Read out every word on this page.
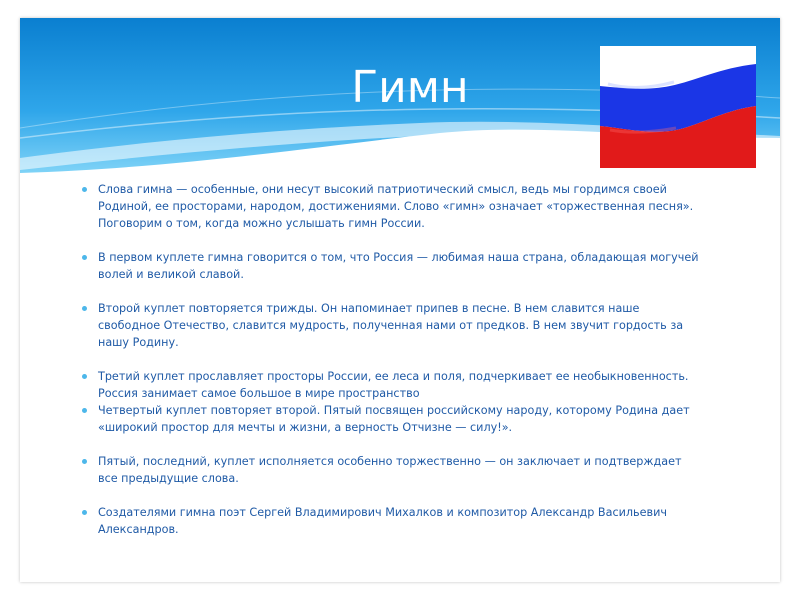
Гимн
Слова гимна — особенные, они несут высокий патриотический смысл, ведь мы гордимся своей Родиной, ее просторами, народом, достижениями. Слово «гимн» означает «торжественная песня». Поговорим о том, когда можно услышать гимн России.
В первом куплете гимна говорится о том, что Россия — любимая наша страна, обладающая могучей волей и великой славой.
Второй куплет повторяется трижды. Он напоминает припев в песне. В нем славится наше свободное Отечество, славится мудрость, полученная нами от предков. В нем звучит гордость за нашу Родину.
Третий куплет прославляет просторы России, ее леса и поля, подчеркивает ее необыкновенность. Россия занимает самое большое в мире пространство
Четвертый куплет повторяет второй. Пятый посвящен российскому народу, которому Родина дает «широкий простор для мечты и жизни, а верность Отчизне — силу!».
Пятый, последний, куплет исполняется особенно торжественно — он заключает и подтверждает все предыдущие слова.
Создателями гимна поэт Сергей Владимирович Михалков и композитор Александр Васильевич Александров.
